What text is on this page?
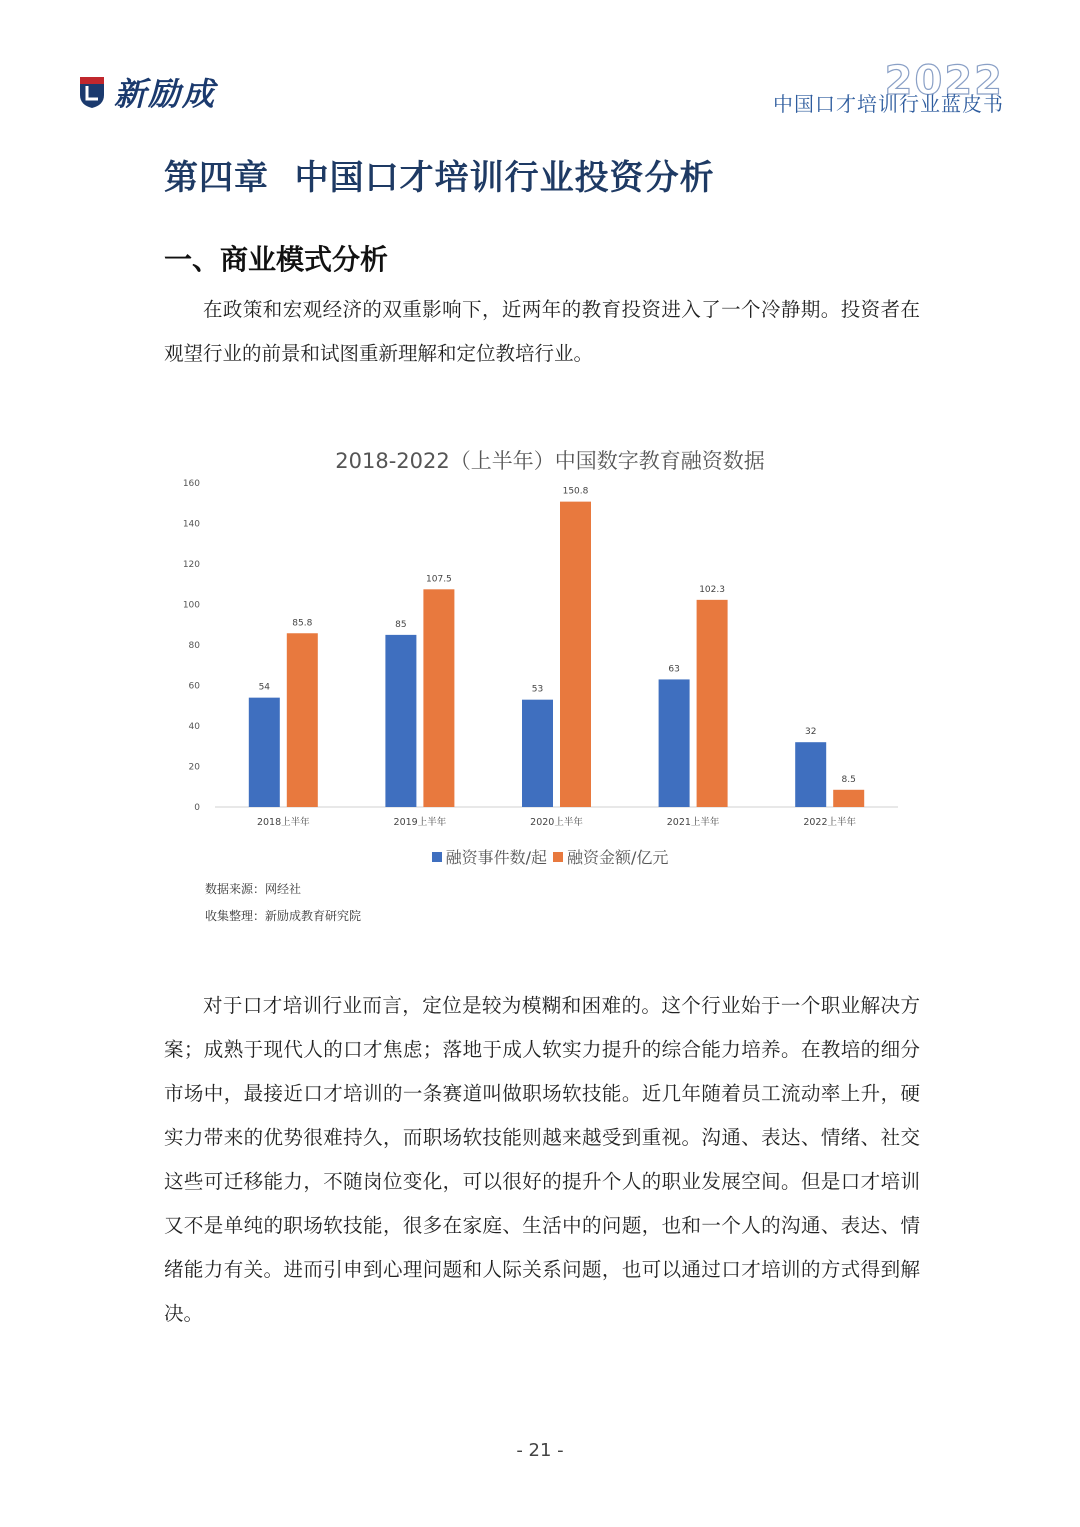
新励成	2022
中国口才培训行业蓝皮书
第四章  中国口才培训行业投资分析
一、商业模式分析
在政策和宏观经济的双重影响下，近两年的教育投资进入了一个冷静期。投资者在观望行业的前景和试图重新理解和定位教培行业。
2018-2022（上半年）中国数字教育融资数据
0
20
40
60
80
100
120
140
160
54
85.8
2018上半年
85
107.5
2019上半年
53
150.8
2020上半年
63
102.3
2021上半年
32
8.5
2022上半年
融资事件数/起 融资金额/亿元
数据来源：网经社
收集整理：新励成教育研究院
对于口才培训行业而言，定位是较为模糊和困难的。这个行业始于一个职业解决方案；成熟于现代人的口才焦虑；落地于成人软实力提升的综合能力培养。在教培的细分市场中，最接近口才培训的一条赛道叫做职场软技能。近几年随着员工流动率上升，硬实力带来的优势很难持久，而职场软技能则越来越受到重视。沟通、表达、情绪、社交这些可迁移能力，不随岗位变化，可以很好的提升个人的职业发展空间。但是口才培训又不是单纯的职场软技能，很多在家庭、生活中的问题，也和一个人的沟通、表达、情绪能力有关。进而引申到心理问题和人际关系问题，也可以通过口才培训的方式得到解决。
- 21 -
